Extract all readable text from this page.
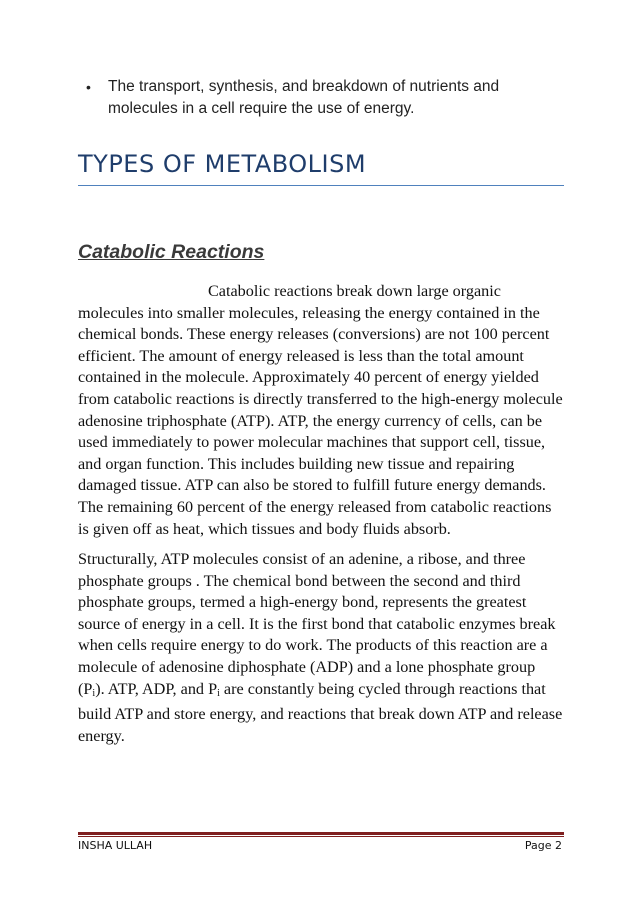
• The transport, synthesis, and breakdown of nutrients and molecules in a cell require the use of energy.
TYPES OF METABOLISM
Catabolic Reactions

Catabolic reactions break down large organic molecules into smaller molecules, releasing the energy contained in the chemical bonds. These energy releases (conversions) are not 100 percent efficient. The amount of energy released is less than the total amount contained in the molecule. Approximately 40 percent of energy yielded from catabolic reactions is directly transferred to the high-energy molecule adenosine triphosphate (ATP). ATP, the energy currency of cells, can be used immediately to power molecular machines that support cell, tissue, and organ function. This includes building new tissue and repairing damaged tissue. ATP can also be stored to fulfill future energy demands. The remaining 60 percent of the energy released from catabolic reactions is given off as heat, which tissues and body fluids absorb.

Structurally, ATP molecules consist of an adenine, a ribose, and three phosphate groups . The chemical bond between the second and third phosphate groups, termed a high-energy bond, represents the greatest source of energy in a cell. It is the first bond that catabolic enzymes break when cells require energy to do work. The products of this reaction are a molecule of adenosine diphosphate (ADP) and a lone phosphate group $(P_i)$. ATP, ADP, and $P_i$ are constantly being cycled through reactions that build ATP and store energy, and reactions that break down ATP and release energy.

INSHA ULLAH	Page 2
